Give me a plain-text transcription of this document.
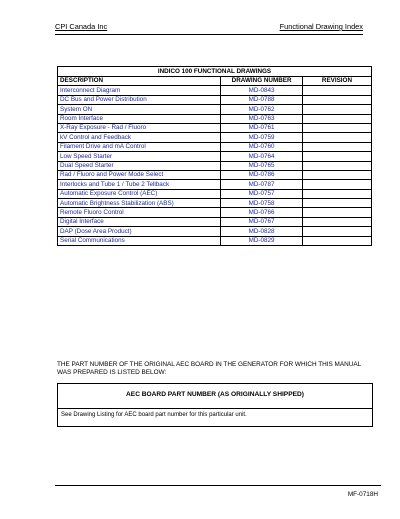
CPI Canada Inc	Functional Drawing Index
INDICO 100 FUNCTIONAL DRAWINGS		
DESCRIPTION	DRAWING NUMBER	REVISION
Interconnect Diagram	MD-0843	
DC Bus and Power Distribution	MD-0788	
System ON	MD-0762	
Room Interface	MD-0763	
X-Ray Exposure - Rad / Fluoro	MD-0761	
kV Control and Feedback	MD-0759	
Filament Drive and mA Control	MD-0760	
Low Speed Starter	MD-0764	
Dual Speed Starter	MD-0765	
Rad / Fluoro and Power Mode Select	MD-0786	
Interlocks and Tube 1 / Tube 2 Tellback	MD-0787	
Automatic Exposure Control (AEC)	MD-0757	
Automatic Brightness Stabilization (ABS)	MD-0758	
Remote Fluoro Control	MD-0766	
Digital Interface	MD-0767	
DAP (Dose Area Product)	MD-0828	
Serial Communications	MD-0829	
THE PART NUMBER OF THE ORIGINAL AEC BOARD IN THE GENERATOR FOR WHICH THIS MANUAL WAS PREPARED IS LISTED BELOW:
AEC BOARD PART NUMBER (AS ORIGINALLY SHIPPED)
See Drawing Listing for AEC board part number for this particular unit.
MF-0718H
